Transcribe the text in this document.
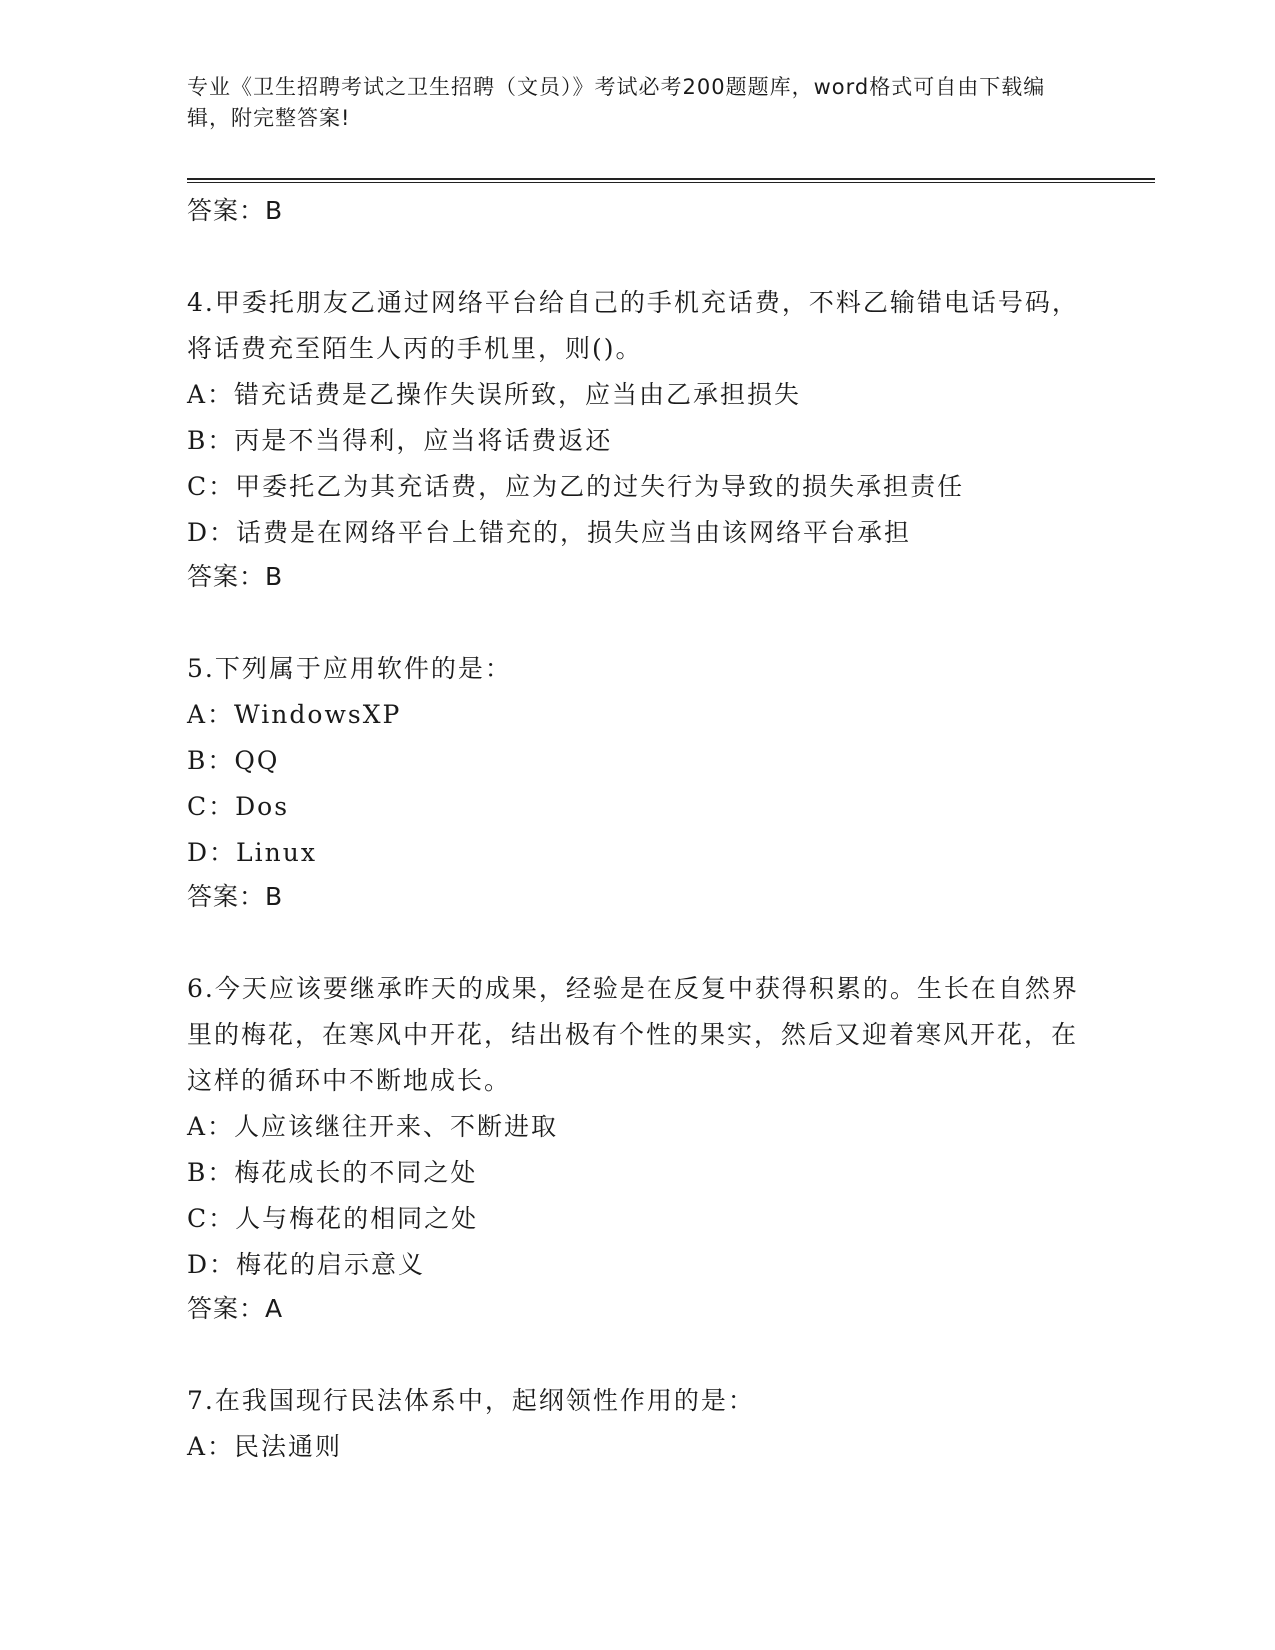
专业《卫生招聘考试之卫生招聘（文员）》考试必考200题题库，word格式可自由下载编辑，附完整答案!
答案：B
4.甲委托朋友乙通过网络平台给自己的手机充话费，不料乙输错电话号码，将话费充至陌生人丙的手机里，则()。
A：错充话费是乙操作失误所致，应当由乙承担损失
B：丙是不当得利，应当将话费返还
C：甲委托乙为其充话费，应为乙的过失行为导致的损失承担责任
D：话费是在网络平台上错充的，损失应当由该网络平台承担
答案：B
5.下列属于应用软件的是：
A：WindowsXP
B：QQ
C：Dos
D：Linux
答案：B
6.今天应该要继承昨天的成果，经验是在反复中获得积累的。生长在自然界里的梅花，在寒风中开花，结出极有个性的果实，然后又迎着寒风开花，在这样的循环中不断地成长。
A：人应该继往开来、不断进取
B：梅花成长的不同之处
C：人与梅花的相同之处
D：梅花的启示意义
答案：A
7.在我国现行民法体系中，起纲领性作用的是：
A：民法通则
